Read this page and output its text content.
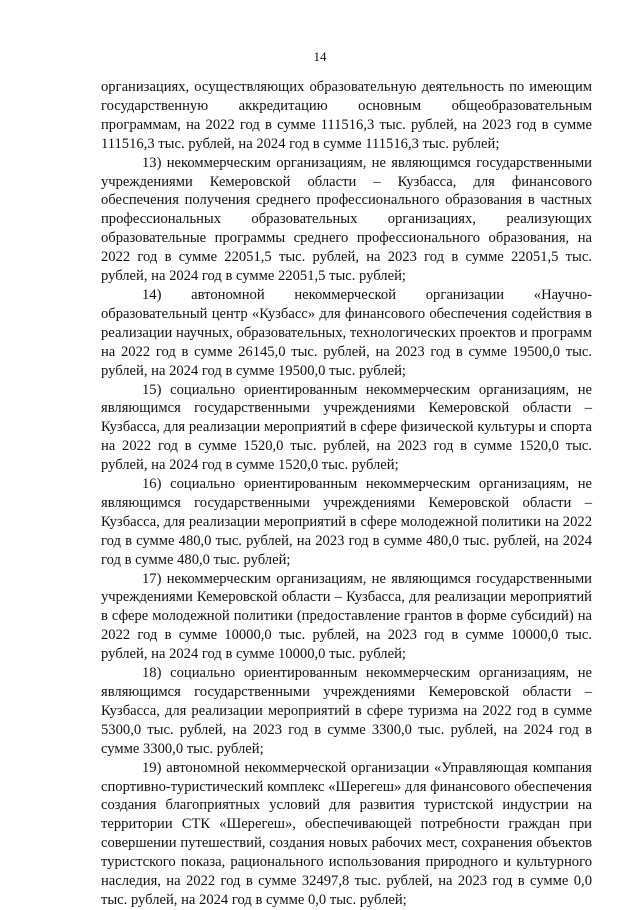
14

организациях, осуществляющих образовательную деятельность по имеющим государственную аккредитацию основным общеобразовательным программам, на 2022 год в сумме 111516,3 тыс. рублей, на 2023 год в сумме 111516,3 тыс. рублей, на 2024 год в сумме 111516,3 тыс. рублей;

13) некоммерческим организациям, не являющимся государственными учреждениями Кемеровской области – Кузбасса, для финансового обеспечения получения среднего профессионального образования в частных профессиональных образовательных организациях, реализующих образовательные программы среднего профессионального образования, на 2022 год в сумме 22051,5 тыс. рублей, на 2023 год в сумме 22051,5 тыс. рублей, на 2024 год в сумме 22051,5 тыс. рублей;

14) автономной некоммерческой организации «Научно-образовательный центр «Кузбасс» для финансового обеспечения содействия в реализации научных, образовательных, технологических проектов и программ на 2022 год в сумме 26145,0 тыс. рублей, на 2023 год в сумме 19500,0 тыс. рублей, на 2024 год в сумме 19500,0 тыс. рублей;

15) социально ориентированным некоммерческим организациям, не являющимся государственными учреждениями Кемеровской области – Кузбасса, для реализации мероприятий в сфере физической культуры и спорта на 2022 год в сумме 1520,0 тыс. рублей, на 2023 год в сумме 1520,0 тыс. рублей, на 2024 год в сумме 1520,0 тыс. рублей;

16) социально ориентированным некоммерческим организациям, не являющимся государственными учреждениями Кемеровской области – Кузбасса, для реализации мероприятий в сфере молодежной политики на 2022 год в сумме 480,0 тыс. рублей, на 2023 год в сумме 480,0 тыс. рублей, на 2024 год в сумме 480,0 тыс. рублей;

17) некоммерческим организациям, не являющимся государственными учреждениями Кемеровской области – Кузбасса, для реализации мероприятий в сфере молодежной политики (предоставление грантов в форме субсидий) на 2022 год в сумме 10000,0 тыс. рублей, на 2023 год в сумме 10000,0 тыс. рублей, на 2024 год в сумме 10000,0 тыс. рублей;

18) социально ориентированным некоммерческим организациям, не являющимся государственными учреждениями Кемеровской области – Кузбасса, для реализации мероприятий в сфере туризма на 2022 год в сумме 5300,0 тыс. рублей, на 2023 год в сумме 3300,0 тыс. рублей, на 2024 год в сумме 3300,0 тыс. рублей;

19) автономной некоммерческой организации «Управляющая компания спортивно-туристический комплекс «Шерегеш» для финансового обеспечения создания благоприятных условий для развития туристской индустрии на территории СТК «Шерегеш», обеспечивающей потребности граждан при совершении путешествий, создания новых рабочих мест, сохранения объектов туристского показа, рационального использования природного и культурного наследия, на 2022 год в сумме 32497,8 тыс. рублей, на 2023 год в сумме 0,0 тыс. рублей, на 2024 год в сумме 0,0 тыс. рублей;
